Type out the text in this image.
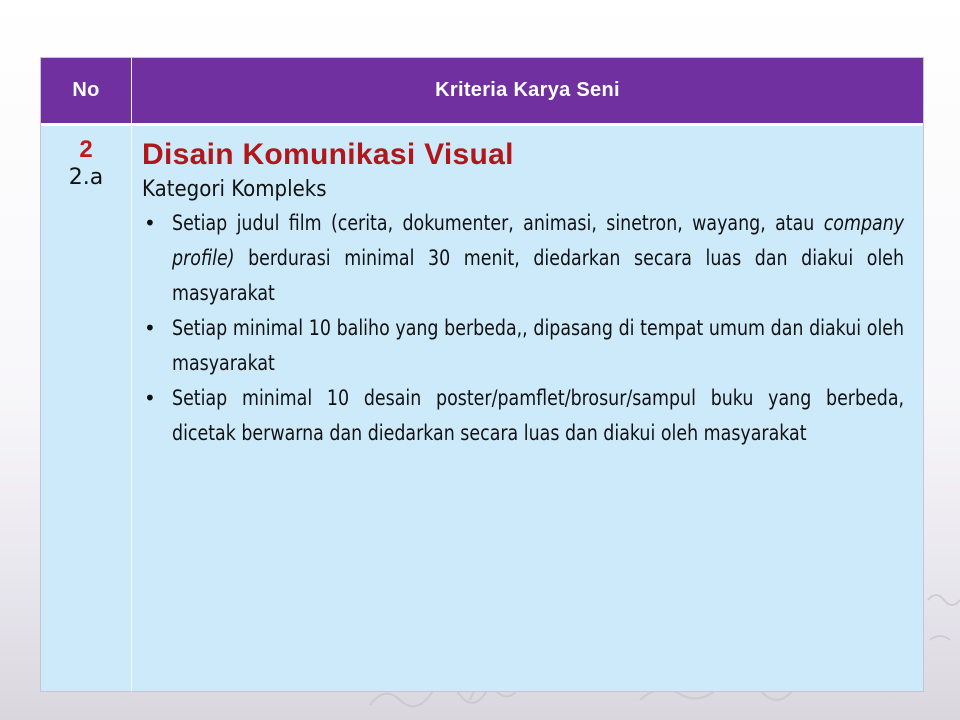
No	Kriteria Karya Seni
2
2.a
Disain Komunikasi Visual
Kategori Kompleks
• Setiap judul film (cerita, dokumenter, animasi, sinetron, wayang, atau company profile) berdurasi minimal 30 menit, diedarkan secara luas dan diakui oleh masyarakat
• Setiap minimal 10 baliho yang berbeda,, dipasang di tempat umum dan diakui oleh masyarakat
• Setiap minimal 10 desain poster/pamflet/brosur/sampul buku yang berbeda, dicetak berwarna dan diedarkan secara luas dan diakui oleh masyarakat
